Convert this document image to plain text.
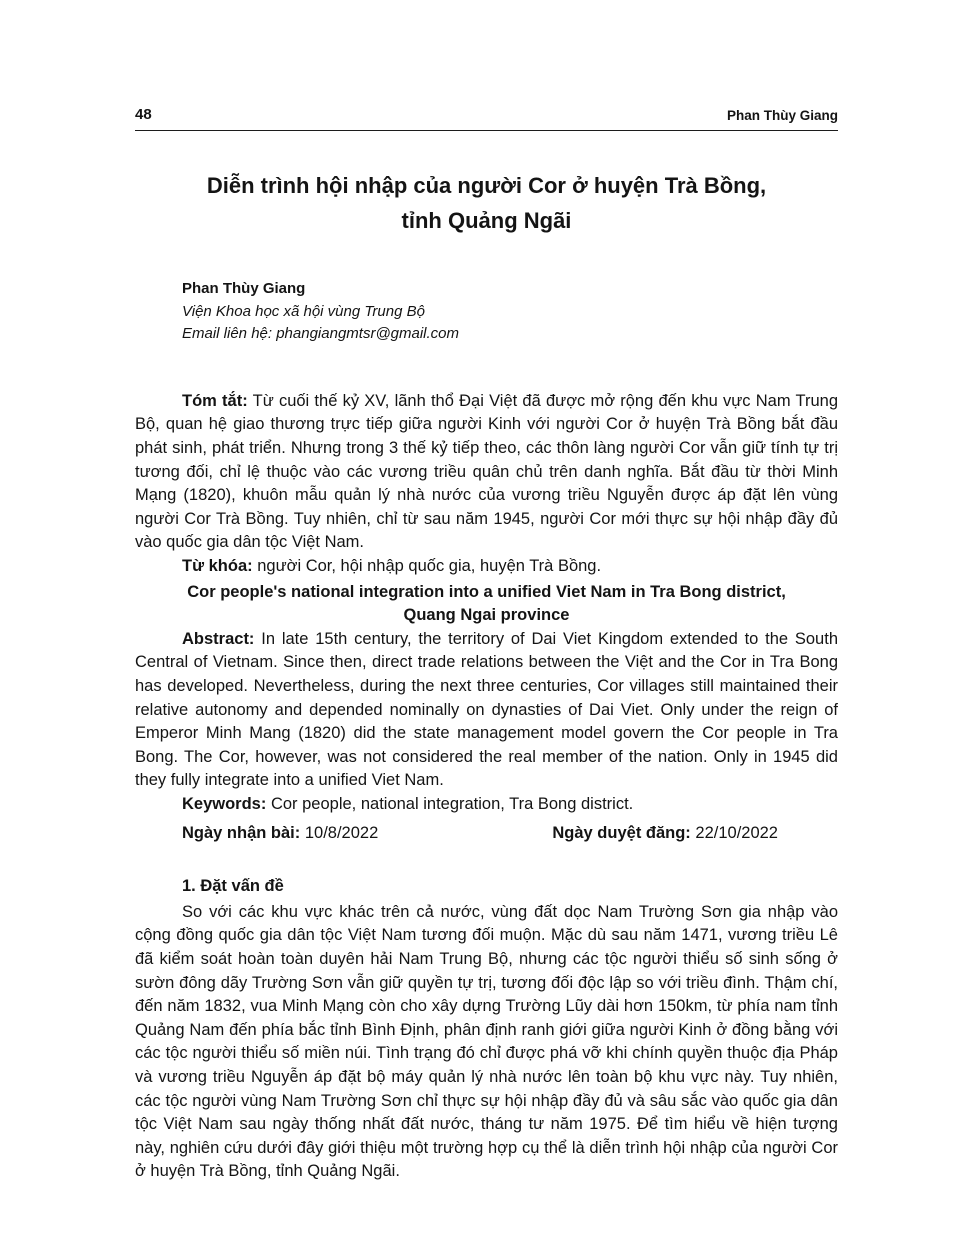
48	Phan Thùy Giang
Diễn trình hội nhập của người Cor ở huyện Trà Bồng,
tỉnh Quảng Ngãi
Phan Thùy Giang
Viện Khoa học xã hội vùng Trung Bộ
Email liên hệ: phangiangmtsr@gmail.com

Tóm tắt: Từ cuối thế kỷ XV, lãnh thổ Đại Việt đã được mở rộng đến khu vực Nam Trung Bộ, quan hệ giao thương trực tiếp giữa người Kinh với người Cor ở huyện Trà Bồng bắt đầu phát sinh, phát triển. Nhưng trong 3 thế kỷ tiếp theo, các thôn làng người Cor vẫn giữ tính tự trị tương đối, chỉ lệ thuộc vào các vương triều quân chủ trên danh nghĩa. Bắt đầu từ thời Minh Mạng (1820), khuôn mẫu quản lý nhà nước của vương triều Nguyễn được áp đặt lên vùng người Cor Trà Bồng. Tuy nhiên, chỉ từ sau năm 1945, người Cor mới thực sự hội nhập đầy đủ vào quốc gia dân tộc Việt Nam.

Từ khóa: người Cor, hội nhập quốc gia, huyện Trà Bồng.

Cor people's national integration into a unified Viet Nam in Tra Bong district,
Quang Ngai province

Abstract: In late 15th century, the territory of Dai Viet Kingdom extended to the South Central of Vietnam. Since then, direct trade relations between the Việt and the Cor in Tra Bong has developed. Nevertheless, during the next three centuries, Cor villages still maintained their relative autonomy and depended nominally on dynasties of Dai Viet. Only under the reign of Emperor Minh Mang (1820) did the state management model govern the Cor people in Tra Bong. The Cor, however, was not considered the real member of the nation. Only in 1945 did they fully integrate into a unified Viet Nam.

Keywords: Cor people, national integration, Tra Bong district.

Ngày nhận bài: 10/8/2022	Ngày duyệt đăng: 22/10/2022
1. Đặt vấn đề

So với các khu vực khác trên cả nước, vùng đất dọc Nam Trường Sơn gia nhập vào cộng đồng quốc gia dân tộc Việt Nam tương đối muộn. Mặc dù sau năm 1471, vương triều Lê đã kiểm soát hoàn toàn duyên hải Nam Trung Bộ, nhưng các tộc người thiểu số sinh sống ở sườn đông dãy Trường Sơn vẫn giữ quyền tự trị, tương đối độc lập so với triều đình. Thậm chí, đến năm 1832, vua Minh Mạng còn cho xây dựng Trường Lũy dài hơn 150km, từ phía nam tỉnh Quảng Nam đến phía bắc tỉnh Bình Định, phân định ranh giới giữa người Kinh ở đồng bằng với các tộc người thiểu số miền núi. Tình trạng đó chỉ được phá vỡ khi chính quyền thuộc địa Pháp và vương triều Nguyễn áp đặt bộ máy quản lý nhà nước lên toàn bộ khu vực này. Tuy nhiên, các tộc người vùng Nam Trường Sơn chỉ thực sự hội nhập đầy đủ và sâu sắc vào quốc gia dân tộc Việt Nam sau ngày thống nhất đất nước, tháng tư năm 1975. Để tìm hiểu về hiện tượng này, nghiên cứu dưới đây giới thiệu một trường hợp cụ thể là diễn trình hội nhập của người Cor ở huyện Trà Bồng, tỉnh Quảng Ngãi.
